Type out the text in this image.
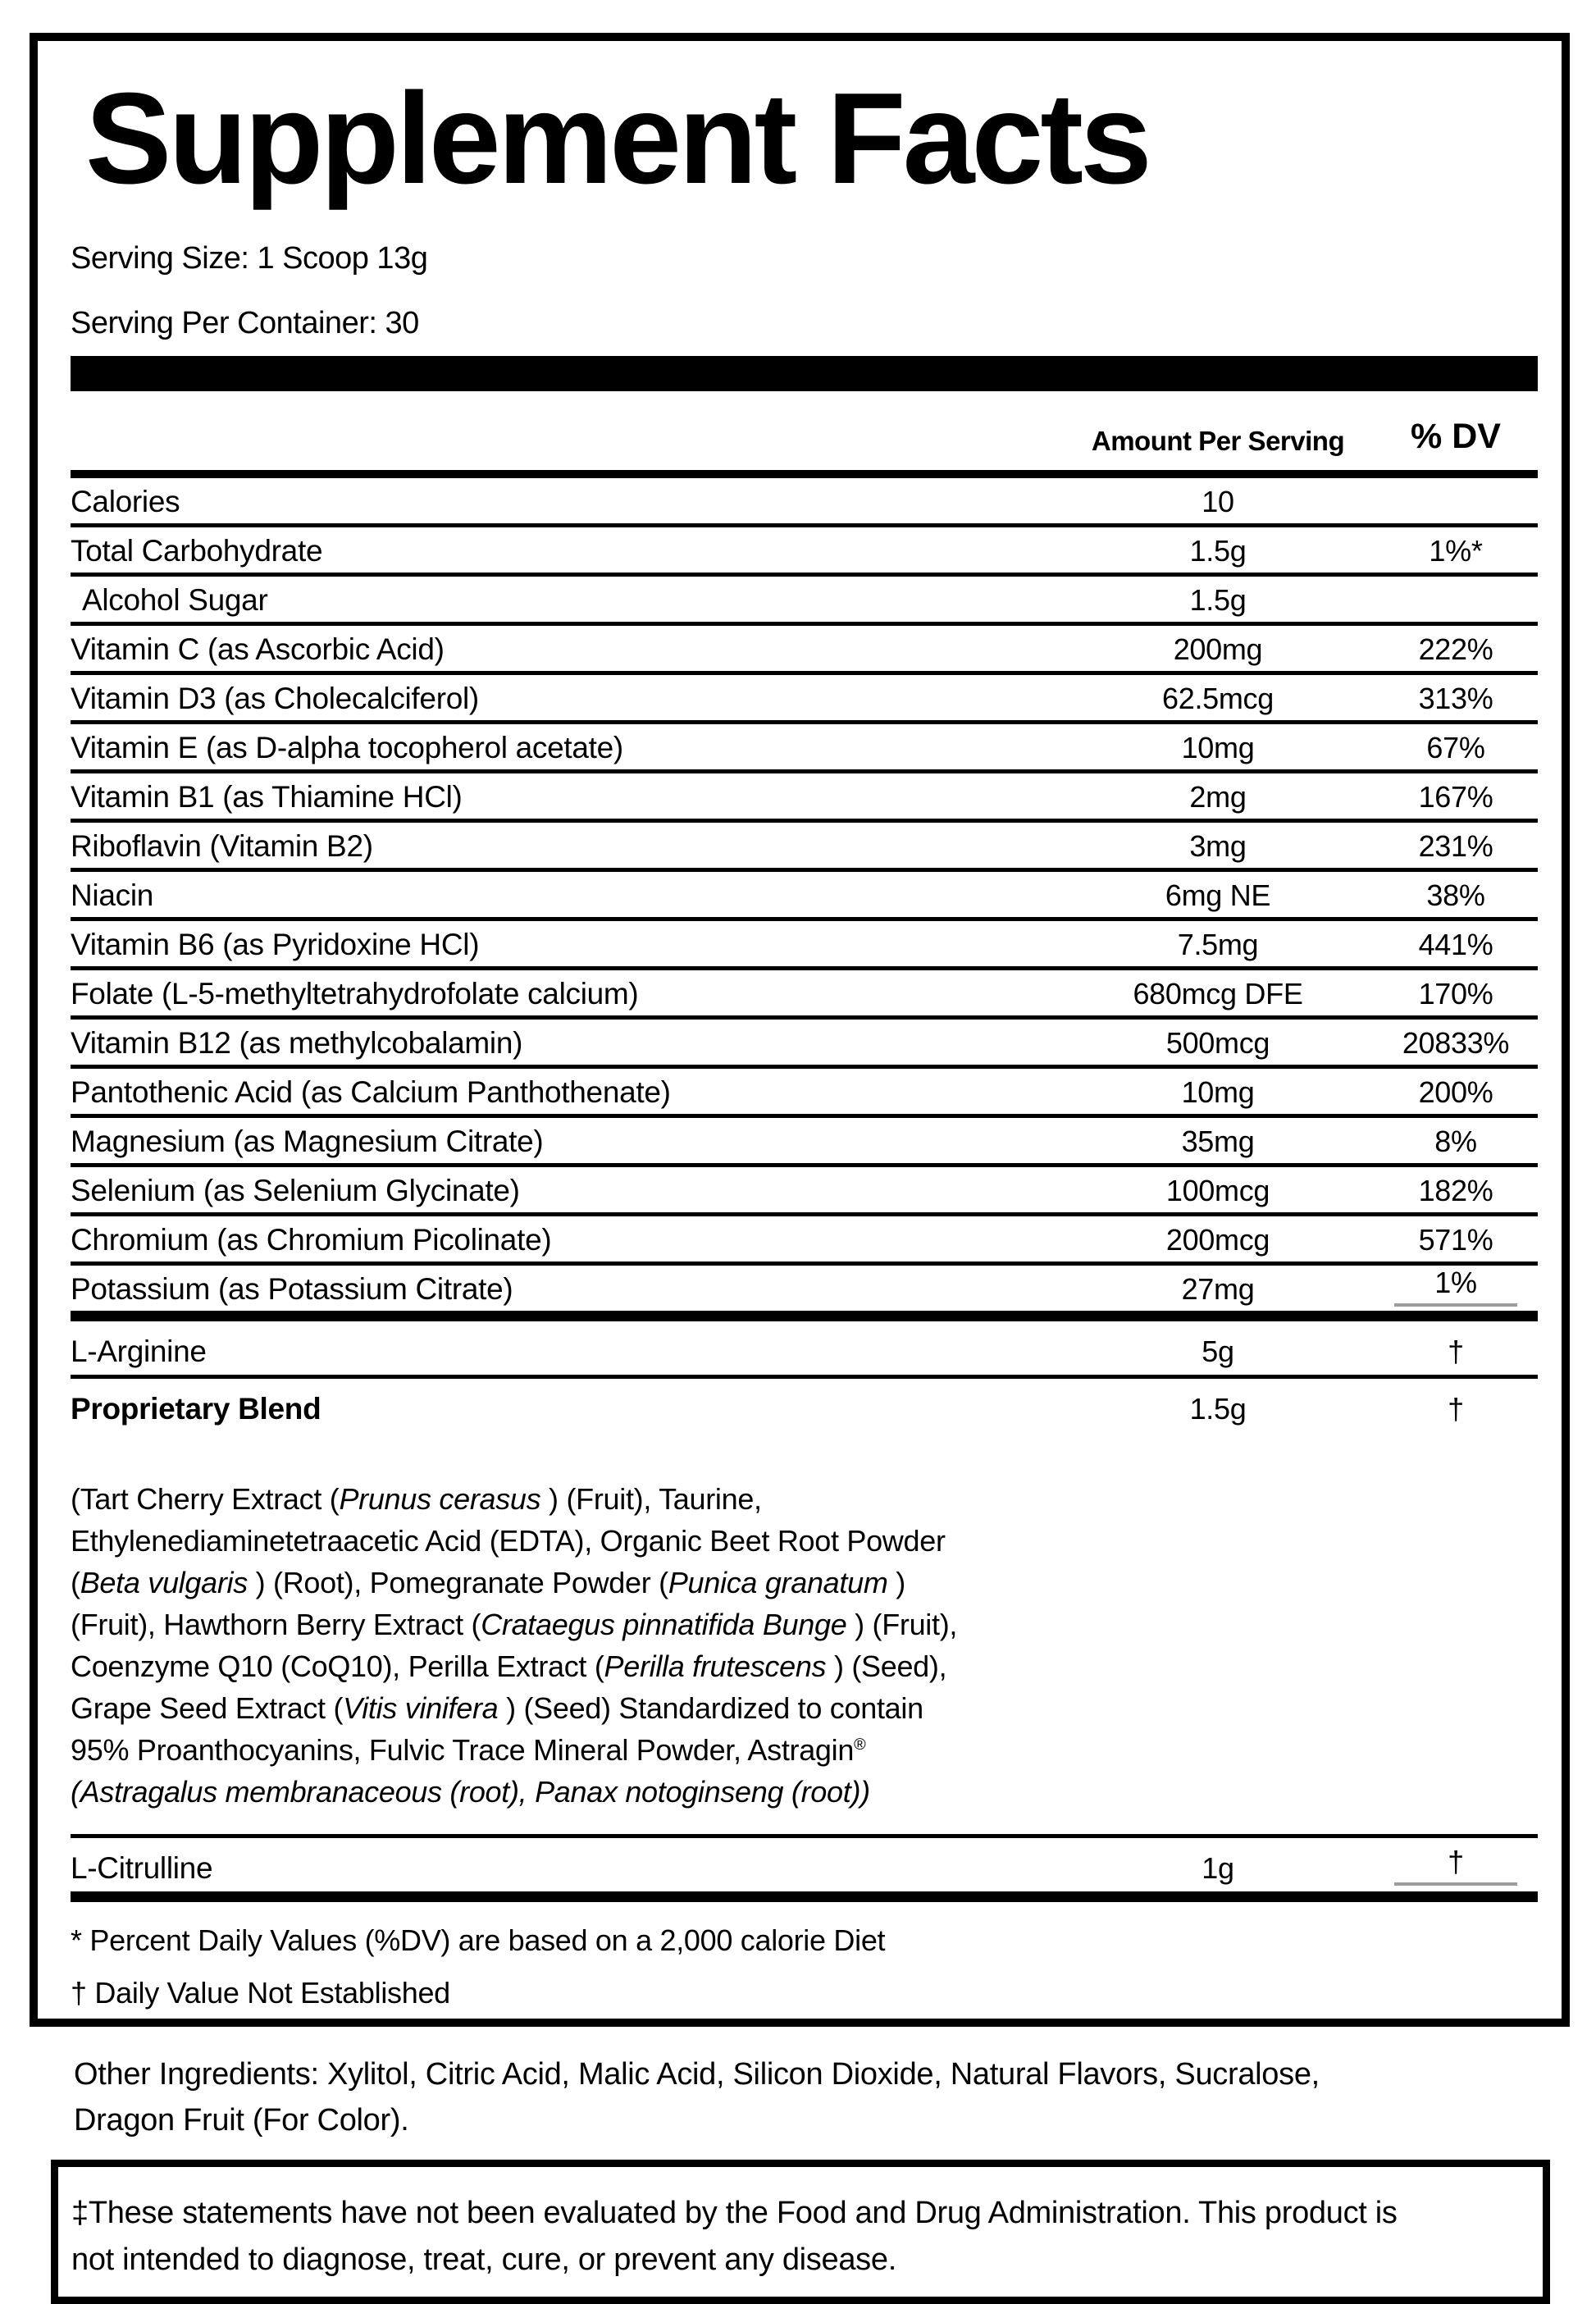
Supplement Facts
Serving Size: 1 Scoop 13g
Serving Per Container: 30
Amount Per Serving	% DV
Calories	10
Total Carbohydrate	1.5g	1%*
Alcohol Sugar	1.5g
Vitamin C (as Ascorbic Acid)	200mg	222%
Vitamin D3 (as Cholecalciferol)	62.5mcg	313%
Vitamin E (as D-alpha tocopherol acetate)	10mg	67%
Vitamin B1 (as Thiamine HCl)	2mg	167%
Riboflavin (Vitamin B2)	3mg	231%
Niacin	6mg NE	38%
Vitamin B6 (as Pyridoxine HCl)	7.5mg	441%
Folate (L-5-methyltetrahydrofolate calcium)	680mcg DFE	170%
Vitamin B12 (as methylcobalamin)	500mcg	20833%
Pantothenic Acid (as Calcium Panthothenate)	10mg	200%
Magnesium (as Magnesium Citrate)	35mg	8%
Selenium (as Selenium Glycinate)	100mcg	182%
Chromium (as Chromium Picolinate)	200mcg	571%
Potassium (as Potassium Citrate)	27mg	1%
L-Arginine	5g	†
Proprietary Blend	1.5g	†
(Tart Cherry Extract (Prunus cerasus ) (Fruit), Taurine,
Ethylenediaminetetraacetic Acid (EDTA), Organic Beet Root Powder
(Beta vulgaris ) (Root), Pomegranate Powder (Punica granatum )
(Fruit), Hawthorn Berry Extract (Crataegus pinnatifida Bunge ) (Fruit),
Coenzyme Q10 (CoQ10), Perilla Extract (Perilla frutescens ) (Seed),
Grape Seed Extract (Vitis vinifera ) (Seed) Standardized to contain
95% Proanthocyanins, Fulvic Trace Mineral Powder, Astragin®
(Astragalus membranaceous (root), Panax notoginseng (root))
L-Citrulline	1g	†
* Percent Daily Values (%DV) are based on a 2,000 calorie Diet
† Daily Value Not Established
Other Ingredients: Xylitol, Citric Acid, Malic Acid, Silicon Dioxide, Natural Flavors, Sucralose,
Dragon Fruit (For Color).
‡These statements have not been evaluated by the Food and Drug Administration. This product is
not intended to diagnose, treat, cure, or prevent any disease.
